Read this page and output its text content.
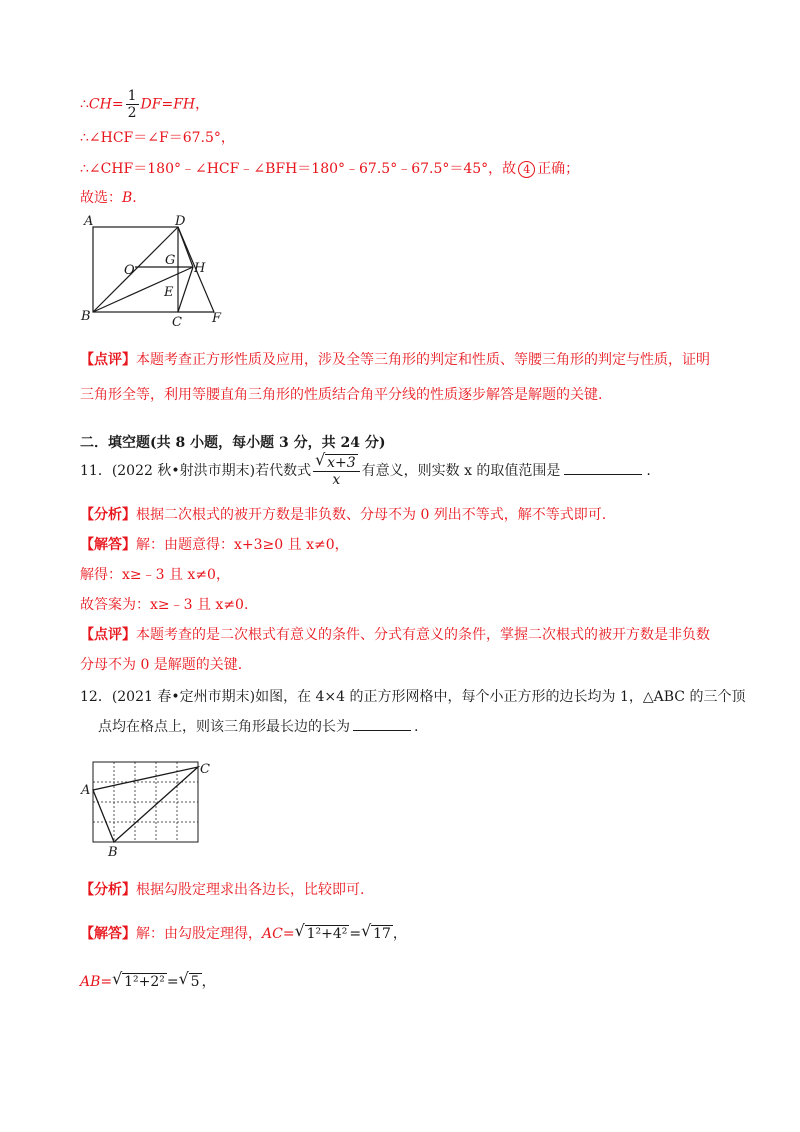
∴CH= $\frac{1}{2} DF=FH$，
∴∠HCF＝∠F＝67.5°，
∴∠CHF＝180°﹣∠HCF﹣∠BFH＝180°﹣67.5°﹣67.5°＝45°，故 4 正确；
故选：B.
A	D
O
G
H
E
B	C F
【点评】本题考查正方形性质及应用，涉及全等三角形的判定和性质、等腰三角形的判定与性质，证明
三角形全等，利用等腰直角三角形的性质结合角平分线的性质逐步解答是解题的关键.
二．填空题(共 8 小题，每小题 3 分，共 24 分)
11．(2022 秋•射洪市期末)若代数式 $\frac{√ x+3}{x}$ 有意义，则实数 x 的取值范围是	.
【分析】根据二次根式的被开方数是非负数、分母不为 0 列出不等式，解不等式即可.
【解答】解：由题意得：x+3≥0 且 x≠0，
解得：x≥﹣3 且 x≠0，
故答案为：x≥﹣3 且 x≠0.
【点评】本题考查的是二次根式有意义的条件、分式有意义的条件，掌握二次根式的被开方数是非负数
分母不为 0 是解题的关键.
12．(2021 春•定州市期末)如图，在 4×4 的正方形网格中，每个小正方形的边长均为 1，△ABC 的三个顶
点均在格点上，则该三角形最长边的长为	.
A
B
C
【分析】根据勾股定理求出各边长，比较即可.
【解答】解：由勾股定理得，AC= √ 1²+4² = √ 17 ，
AB= √ 1²+2² = √ 5 ，
